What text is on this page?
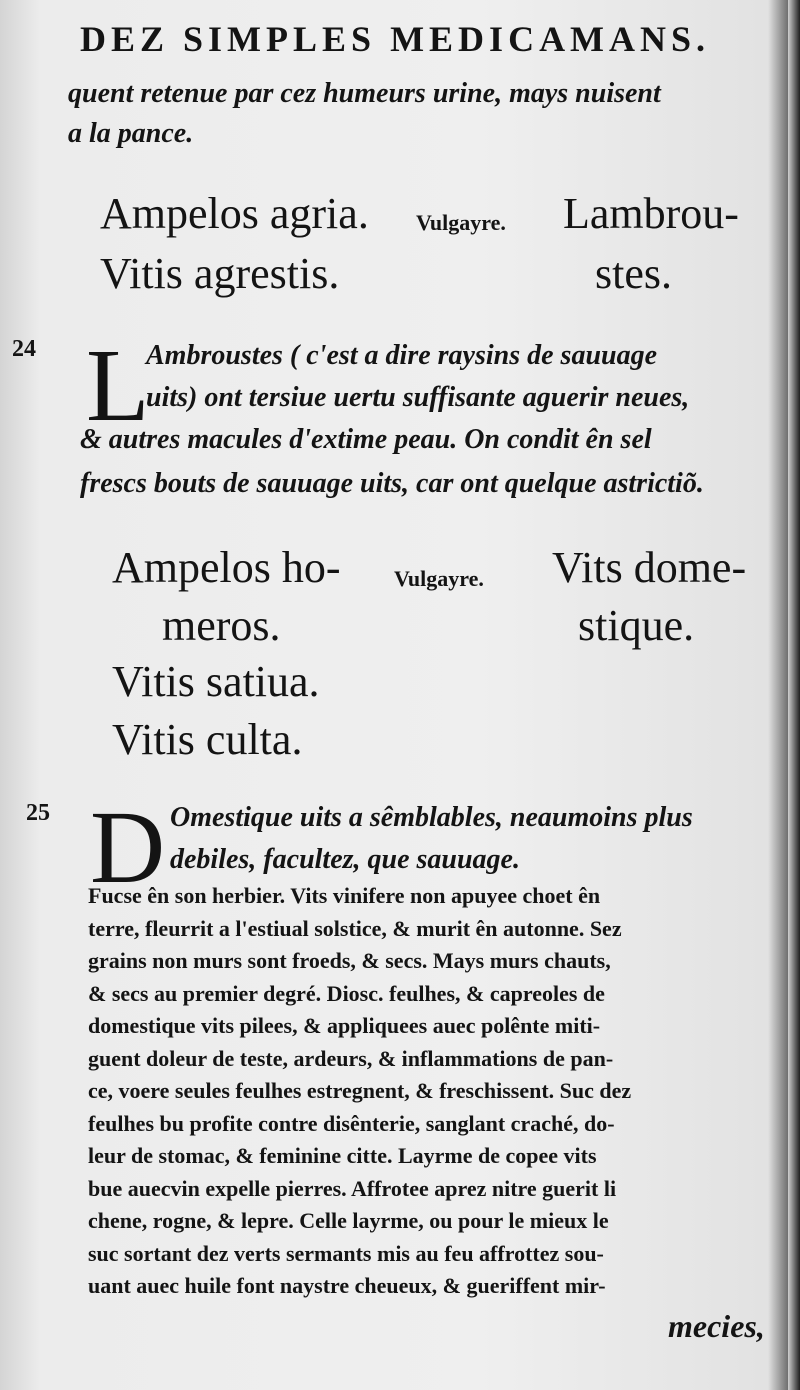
DEZ SIMPLES MEDICAMANS.
quent retenue par cez humeurs urine, mays nuisent
a la pance.
Ampelos agria.
Vitis agrestis.
Vulgayre. Lambrou-
stes.
24 L
Ambroustes ( c'est a dire raysins de sauuage
uits) ont tersiue uertu suffisante aguerir neues,
& autres macules d'extime peau. On condit ên sel
frescs bouts de sauuage uits, car ont quelque astrictiõ.
Ampelos ho-
meros.
Vitis satiua.
Vitis culta.
Vulgayre. Vits dome-
stique.
25 D Omestique uits a sêmblables, neaumoins plus
debiles, facultez, que sauuage.
Fucse ên son herbier. Vits vinifere non apuyee choet ên
terre, fleurrit a l'estiual solstice, & murit ên autonne. Sez
grains non murs sont froeds, & secs. Mays murs chauts,
& secs au premier degré. Diosc. feulhes, & capreoles de
domestique vits pilees, & appliquees auec polênte miti-
guent doleur de teste, ardeurs, & inflammations de pan-
ce, voere seules feulhes estregnent, & freschissent. Suc dez
feulhes bu profite contre disênterie, sanglant craché, do-
leur de stomac, & feminine citte. Layrme de copee vits
bue auecvin expelle pierres. Affrotee aprez nitre guerit li
chene, rogne, & lepre. Celle layrme, ou pour le mieux le
suc sortant dez verts sermants mis au feu affrottez sou-
uant auec huile font naystre cheueux, & gueriffent mir-
mecies,
